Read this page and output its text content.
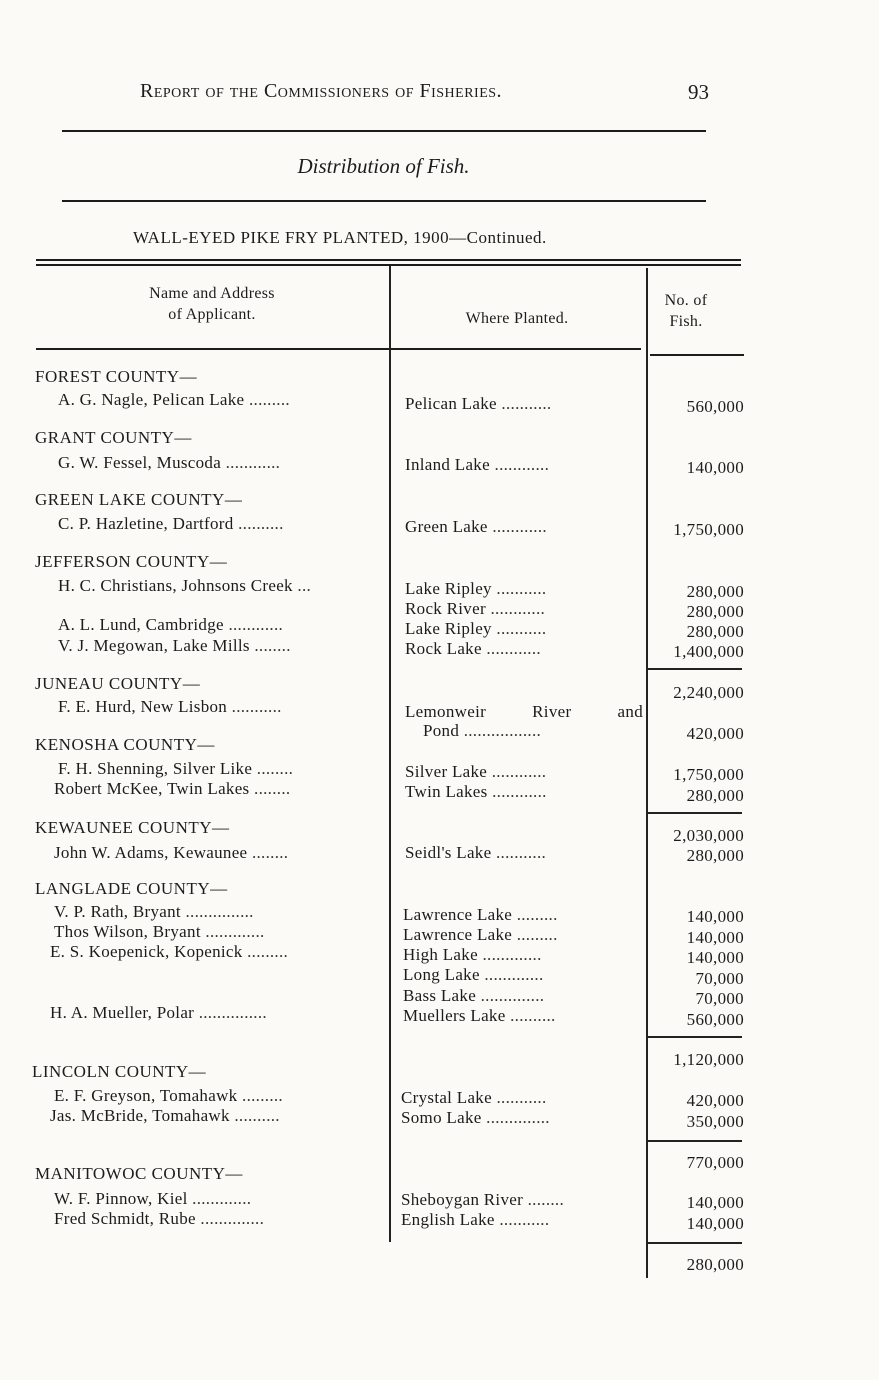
Report of the Commissioners of Fisheries.	93
Distribution of Fish.
WALL-EYED PIKE FRY PLANTED, 1900—Continued.
Name and Address
of Applicant.	Where Planted.
No. of
Fish.
FOREST COUNTY—
GRANT COUNTY—
GREEN LAKE COUNTY—
JEFFERSON COUNTY—
JUNEAU COUNTY—
KENOSHA COUNTY—
KEWAUNEE COUNTY—
LANGLADE COUNTY—
LINCOLN COUNTY—
MANITOWOC COUNTY—
A. G. Nagle, Pelican Lake .........
G. W. Fessel, Muscoda ............
C. P. Hazletine, Dartford ..........
H. C. Christians, Johnsons Creek ...
A. L. Lund, Cambridge ............
V. J. Megowan, Lake Mills ........
F. E. Hurd, New Lisbon ...........
F. H. Shenning, Silver Like ........
Robert McKee, Twin Lakes ........
John W. Adams, Kewaunee ........
V. P. Rath, Bryant ...............
Thos Wilson, Bryant .............
E. S. Koepenick, Kopenick .........
H. A. Mueller, Polar ...............
E. F. Greyson, Tomahawk .........
Jas. McBride, Tomahawk ..........
W. F. Pinnow, Kiel .............
Fred Schmidt, Rube ..............
Pelican Lake ...........
Inland Lake ............
Green Lake ............
Lake Ripley ...........
Rock River ............
Lake Ripley ...........
Rock Lake ............
Lemonweir River and
Pond .................
Silver Lake ............
Twin Lakes ............
Seidl's Lake ...........
Lawrence Lake .........
Lawrence Lake .........
High Lake .............
Long Lake .............
Bass Lake ..............
Muellers Lake ..........
Crystal Lake ...........
Somo Lake ..............
Sheboygan River ........
English Lake ...........
560,000
140,000
1,750,000
280,000
280,000
280,000
1,400,000
2,240,000
420,000
1,750,000
280,000
2,030,000
280,000
140,000
140,000
140,000
70,000
70,000
560,000
1,120,000
420,000
350,000
770,000
140,000
140,000
280,000
